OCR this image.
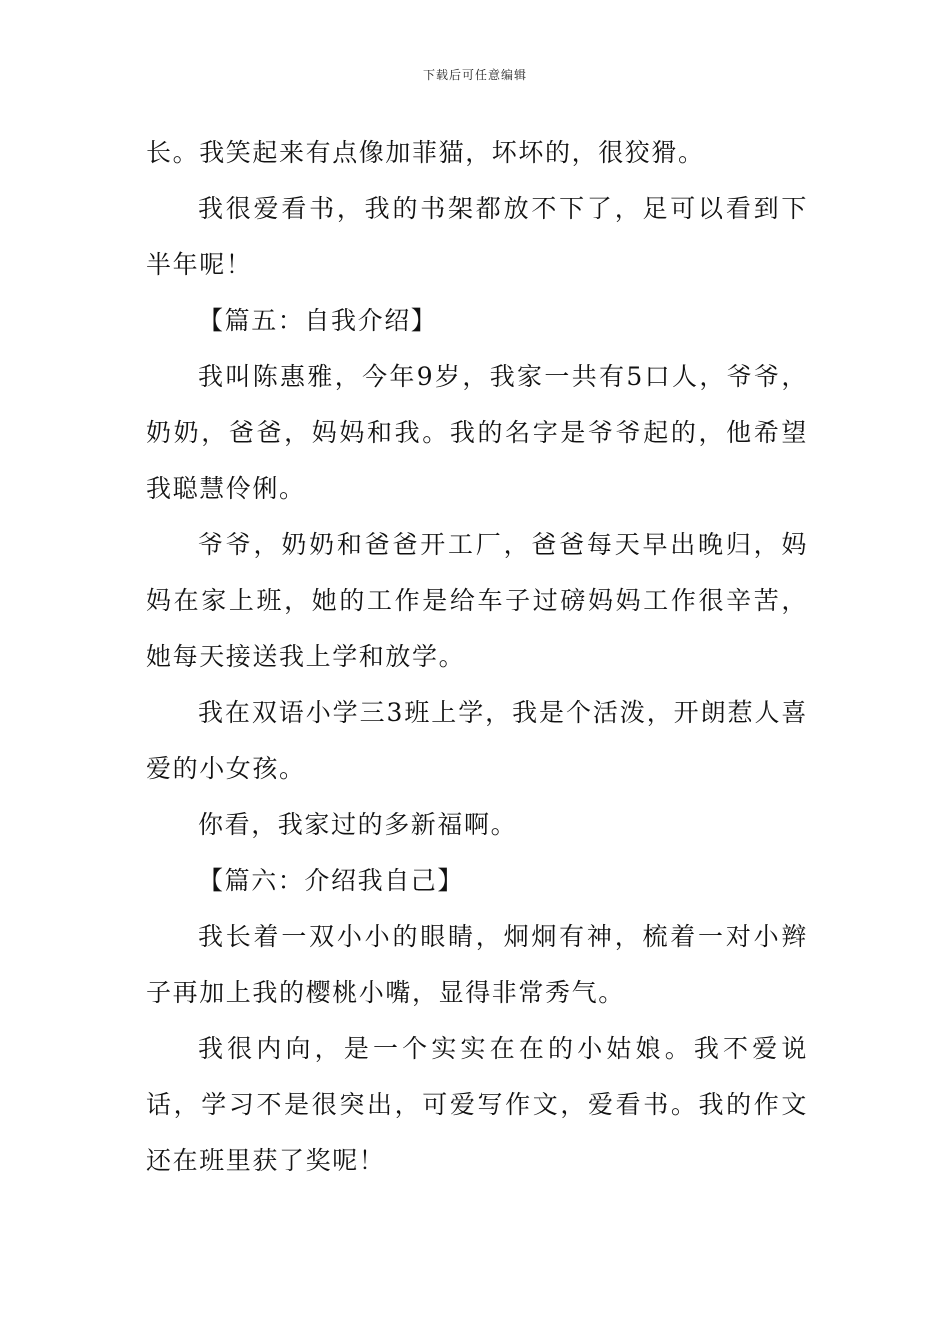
下载后可任意编辑

长。我笑起来有点像加菲猫，坏坏的，很狡猾。

我很爱看书，我的书架都放不下了，足可以看到下半年呢！

【篇五：自我介绍】

我叫陈惠雅，今年9岁，我家一共有5口人，爷爷，奶奶，爸爸，妈妈和我。我的名字是爷爷起的，他希望我聪慧伶俐。

爷爷，奶奶和爸爸开工厂，爸爸每天早出晚归，妈妈在家上班，她的工作是给车子过磅妈妈工作很辛苦，她每天接送我上学和放学。

我在双语小学三3班上学，我是个活泼，开朗惹人喜爱的小女孩。

你看，我家过的多新福啊。

【篇六：介绍我自己】

我长着一双小小的眼睛，炯炯有神，梳着一对小辫子再加上我的樱桃小嘴，显得非常秀气。

我很内向，是一个实实在在的小姑娘。我不爱说话，学习不是很突出，可爱写作文，爱看书。我的作文还在班里获了奖呢！
